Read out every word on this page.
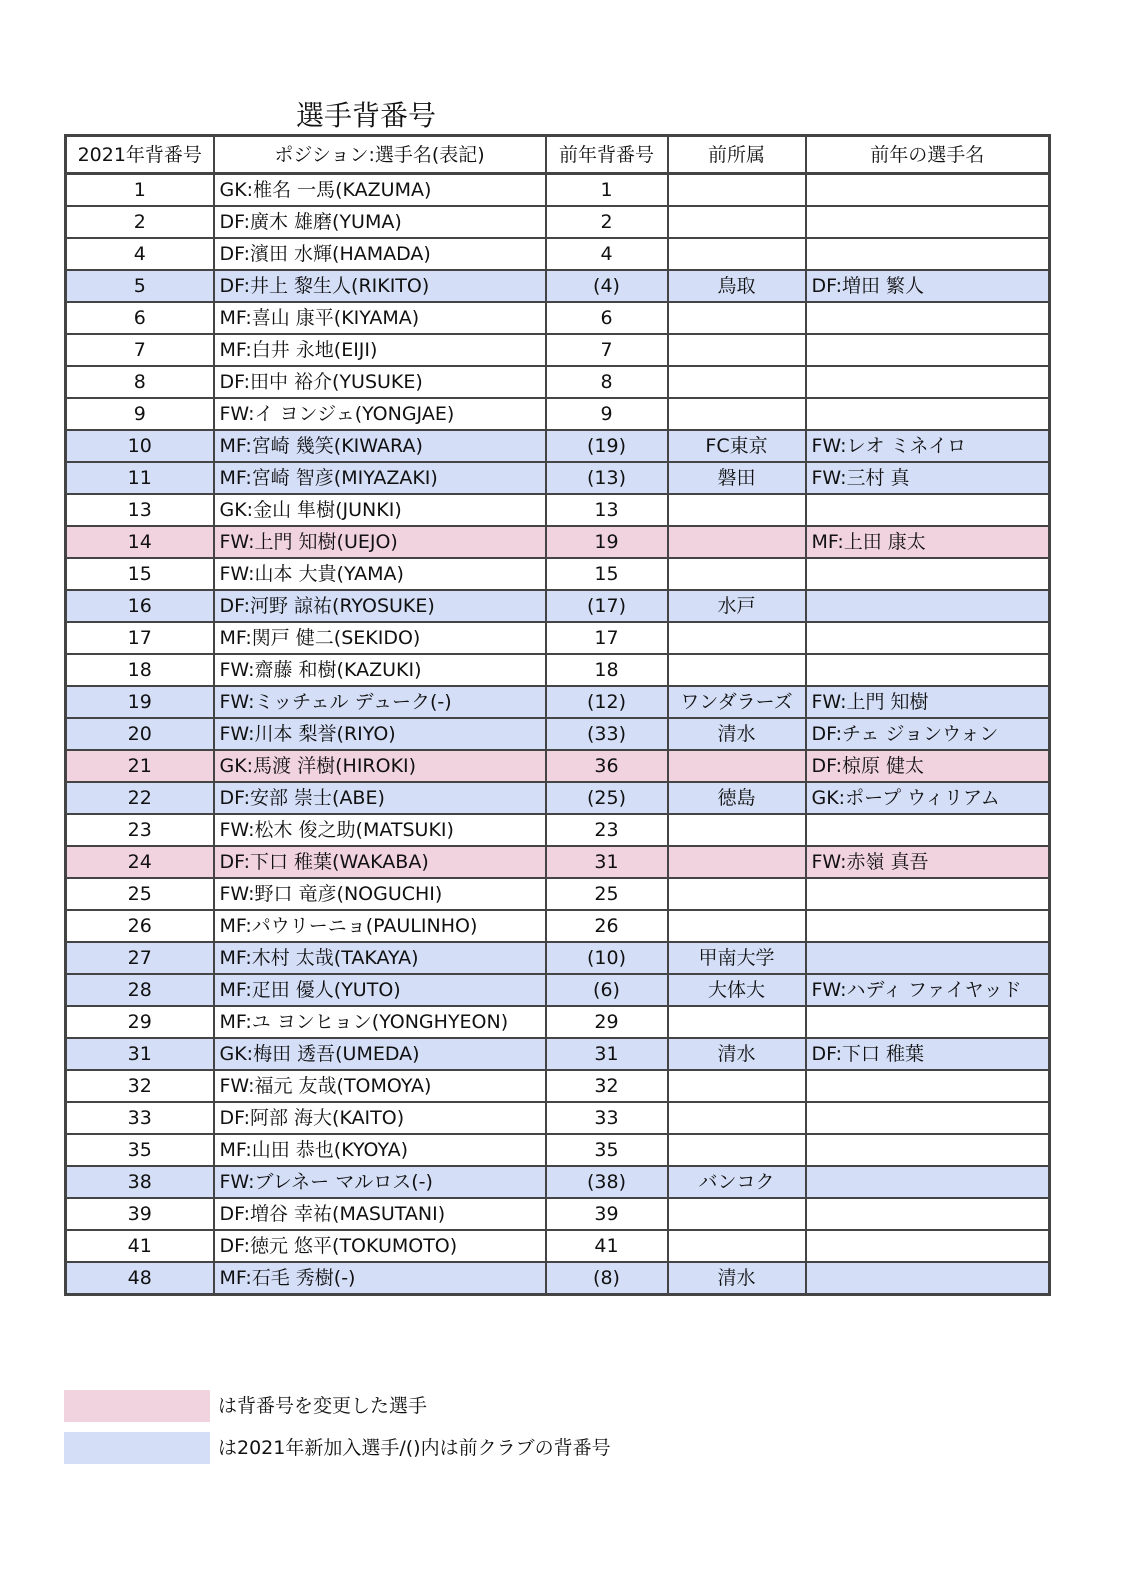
選手背番号
2021年背番号	ポジション:選手名(表記)	前年背番号	前所属	前年の選手名
1	GK:椎名 一馬(KAZUMA)	1		
2	DF:廣木 雄磨(YUMA)	2		
4	DF:濱田 水輝(HAMADA)	4		
5	DF:井上 黎生人(RIKITO)	(4)	鳥取	DF:増田 繁人
6	MF:喜山 康平(KIYAMA)	6		
7	MF:白井 永地(EIJI)	7		
8	DF:田中 裕介(YUSUKE)	8		
9	FW:イ ヨンジェ(YONGJAE)	9		
10	MF:宮崎 幾笑(KIWARA)	(19)	FC東京	FW:レオ ミネイロ
11	MF:宮崎 智彦(MIYAZAKI)	(13)	磐田	FW:三村 真
13	GK:金山 隼樹(JUNKI)	13		
14	FW:上門 知樹(UEJO)	19		MF:上田 康太
15	FW:山本 大貴(YAMA)	15		
16	DF:河野 諒祐(RYOSUKE)	(17)	水戸	
17	MF:関戸 健二(SEKIDO)	17		
18	FW:齋藤 和樹(KAZUKI)	18		
19	FW:ミッチェル デューク(-)	(12)	ワンダラーズ	FW:上門 知樹
20	FW:川本 梨誉(RIYO)	(33)	清水	DF:チェ ジョンウォン
21	GK:馬渡 洋樹(HIROKI)	36		DF:椋原 健太
22	DF:安部 崇士(ABE)	(25)	徳島	GK:ポープ ウィリアム
23	FW:松木 俊之助(MATSUKI)	23		
24	DF:下口 稚葉(WAKABA)	31		FW:赤嶺 真吾
25	FW:野口 竜彦(NOGUCHI)	25		
26	MF:パウリーニョ(PAULINHO)	26		
27	MF:木村 太哉(TAKAYA)	(10)	甲南大学	
28	MF:疋田 優人(YUTO)	(6)	大体大	FW:ハディ ファイヤッド
29	MF:ユ ヨンヒョン(YONGHYEON)	29		
31	GK:梅田 透吾(UMEDA)	31	清水	DF:下口 稚葉
32	FW:福元 友哉(TOMOYA)	32		
33	DF:阿部 海大(KAITO)	33		
35	MF:山田 恭也(KYOYA)	35		
38	FW:ブレネー マルロス(-)	(38)	バンコク	
39	DF:増谷 幸祐(MASUTANI)	39		
41	DF:徳元 悠平(TOKUMOTO)	41		
48	MF:石毛 秀樹(-)	(8)	清水	
は背番号を変更した選手
は2021年新加入選手/()内は前クラブの背番号
